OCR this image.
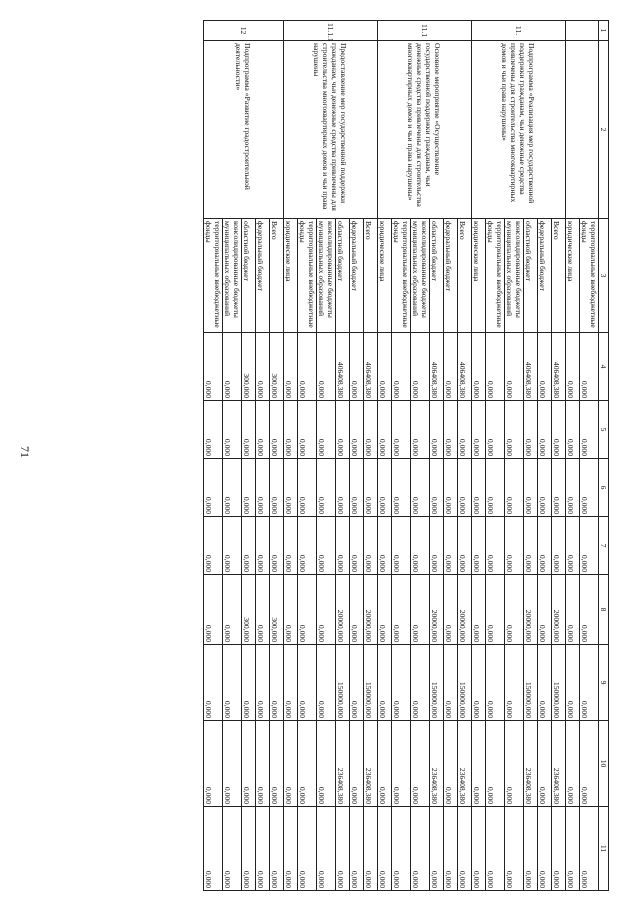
71
1	2	3	4	5	6	7	8	9	10	11
		территориальные внебюджетные фонды	0,000	0,000	0,000	0,000	0,000	0,000	0,000	0,000
		юридические лица	0,000	0,000	0,000	0,000	0,000	0,000	0,000	0,000
11.	Подпрограмма «Реализация мер государственной поддержки гражданам, чьи денежные средства привлечены для строительства многоквартирных домов и чьи права нарушены»	Всего	406408,380	0,000	0,000	0,000	20000,000	150000,000	236408,380	0,000
		федеральный бюджет	0,000	0,000	0,000	0,000	0,000	0,000	0,000	0,000
		областной бюджет	406408,380	0,000	0,000	0,000	20000,000	150000,000	236408,380	0,000
		консолидированные бюджеты муниципальных образований	0,000	0,000	0,000	0,000	0,000	0,000	0,000	0,000
		территориальные внебюджетные фонды	0,000	0,000	0,000	0,000	0,000	0,000	0,000	0,000
		юридические лица	0,000	0,000	0,000	0,000	0,000	0,000	0,000	0,000
11.1	Основное мероприятие «Осуществление государственной поддержки гражданам, чьи денежные средства привлечены для строительства многоквартирных домов и чьи права нарушены»	Всего	406408,380	0,000	0,000	0,000	20000,000	150000,000	236408,380	0,000
		федеральный бюджет	0,000	0,000	0,000	0,000	0,000	0,000	0,000	0,000
		областной бюджет	406408,380	0,000	0,000	0,000	20000,000	150000,000	236408,380	0,000
		консолидированные бюджеты муниципальных образований	0,000	0,000	0,000	0,000	0,000	0,000	0,000	0,000
		территориальные внебюджетные фонды	0,000	0,000	0,000	0,000	0,000	0,000	0,000	0,000
		юридические лица	0,000	0,000	0,000	0,000	0,000	0,000	0,000	0,000
11.1.1	Предоставление мер государственной поддержки гражданам, чьи денежные средства привлечены для строительства многоквартирных домов и чьи права нарушены	Всего	406408,380	0,000	0,000	0,000	20000,000	150000,000	236408,380	0,000
		федеральный бюджет	0,000	0,000	0,000	0,000	0,000	0,000	0,000	0,000
		областной бюджет	406408,380	0,000	0,000	0,000	20000,000	150000,000	236408,380	0,000
		консолидированные бюджеты муниципальных образований	0,000	0,000	0,000	0,000	0,000	0,000	0,000	0,000
		территориальные внебюджетные фонды	0,000	0,000	0,000	0,000	0,000	0,000	0,000	0,000
		юридические лица	0,000	0,000	0,000	0,000	0,000	0,000	0,000	0,000
12	Подпрограмма «Развитие градостроительной деятельности»	Всего	300,000	0,000	0,000	0,000	300,000	0,000	0,000	0,000
		федеральный бюджет	0,000	0,000	0,000	0,000	0,000	0,000	0,000	0,000
		областной бюджет	300,000	0,000	0,000	0,000	300,000	0,000	0,000	0,000
		консолидированные бюджеты муниципальных образований	0,000	0,000	0,000	0,000	0,000	0,000	0,000	0,000
		территориальные внебюджетные фонды	0,000	0,000	0,000	0,000	0,000	0,000	0,000	0,000
